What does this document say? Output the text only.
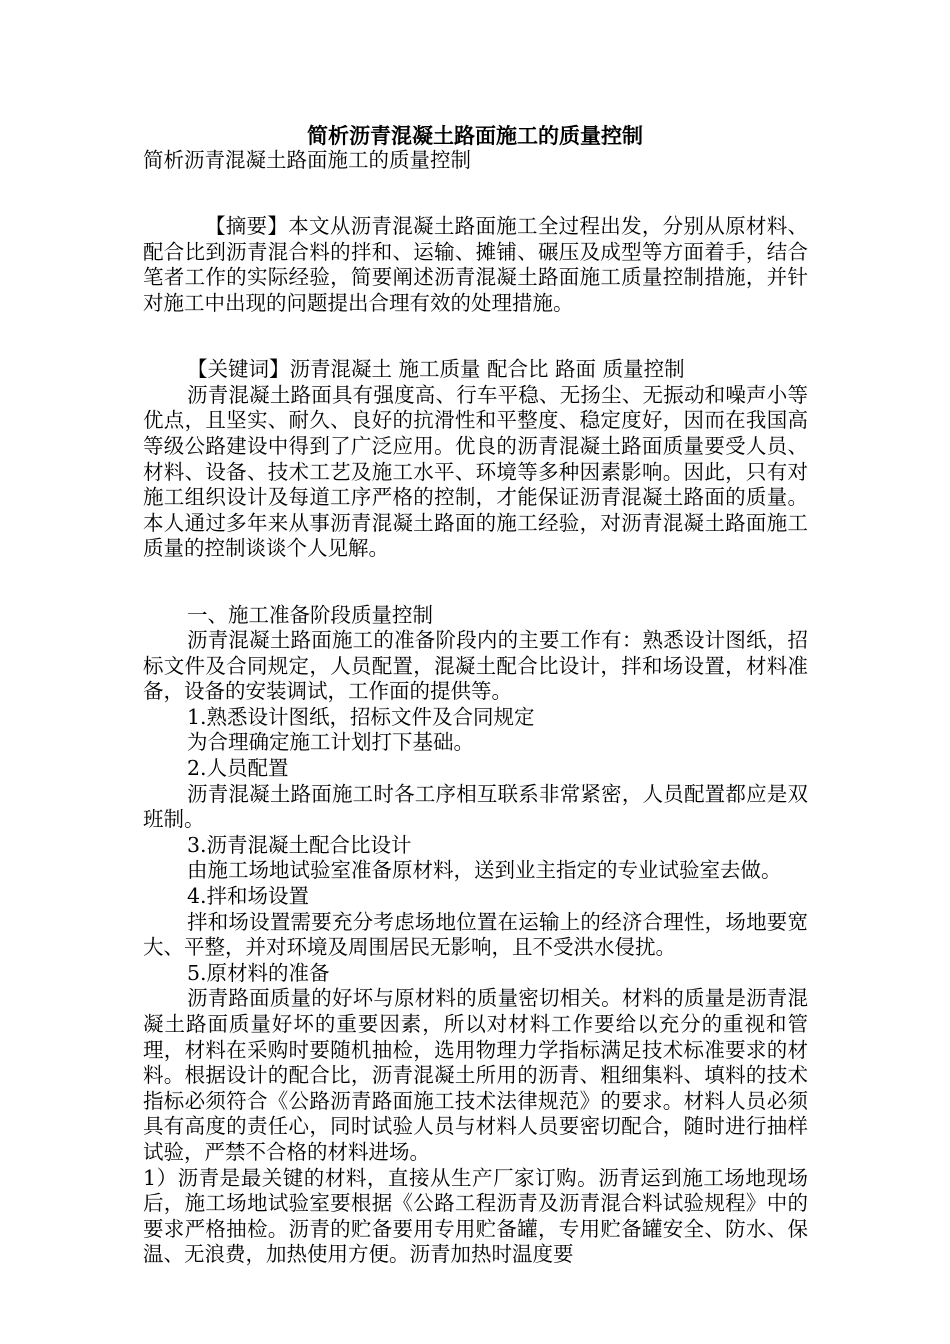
简析沥青混凝土路面施工的质量控制

简析沥青混凝土路面施工的质量控制

【摘要】本文从沥青混凝土路面施工全过程出发，分别从原材料、配合比到沥青混合料的拌和、运输、摊铺、碾压及成型等方面着手，结合笔者工作的实际经验，简要阐述沥青混凝土路面施工质量控制措施，并针对施工中出现的问题提出合理有效的处理措施。

【关键词】沥青混凝土 施工质量 配合比 路面 质量控制

沥青混凝土路面具有强度高、行车平稳、无扬尘、无振动和噪声小等优点，且坚实、耐久、良好的抗滑性和平整度、稳定度好，因而在我国高等级公路建设中得到了广泛应用。优良的沥青混凝土路面质量要受人员、材料、设备、技术工艺及施工水平、环境等多种因素影响。因此，只有对施工组织设计及每道工序严格的控制，才能保证沥青混凝土路面的质量。本人通过多年来从事沥青混凝土路面的施工经验，对沥青混凝土路面施工质量的控制谈谈个人见解。

一、施工准备阶段质量控制

沥青混凝土路面施工的准备阶段内的主要工作有：熟悉设计图纸，招标文件及合同规定，人员配置，混凝土配合比设计，拌和场设置，材料准备，设备的安装调试，工作面的提供等。

1.熟悉设计图纸，招标文件及合同规定

为合理确定施工计划打下基础。

2.人员配置

沥青混凝土路面施工时各工序相互联系非常紧密，人员配置都应是双班制。

3.沥青混凝土配合比设计

由施工场地试验室准备原材料，送到业主指定的专业试验室去做。

4.拌和场设置

拌和场设置需要充分考虑场地位置在运输上的经济合理性，场地要宽大、平整，并对环境及周围居民无影响，且不受洪水侵扰。

5.原材料的准备

沥青路面质量的好坏与原材料的质量密切相关。材料的质量是沥青混凝土路面质量好坏的重要因素，所以对材料工作要给以充分的重视和管理，材料在采购时要随机抽检，选用物理力学指标满足技术标准要求的材料。根据设计的配合比，沥青混凝土所用的沥青、粗细集料、填料的技术指标必须符合《公路沥青路面施工技术法律规范》的要求。材料人员必须具有高度的责任心，同时试验人员与材料人员要密切配合，随时进行抽样试验，严禁不合格的材料进场。

1）沥青是最关键的材料，直接从生产厂家订购。沥青运到施工场地现场后，施工场地试验室要根据《公路工程沥青及沥青混合料试验规程》中的要求严格抽检。沥青的贮备要用专用贮备罐，专用贮备罐安全、防水、保温、无浪费，加热使用方便。沥青加热时温度要
